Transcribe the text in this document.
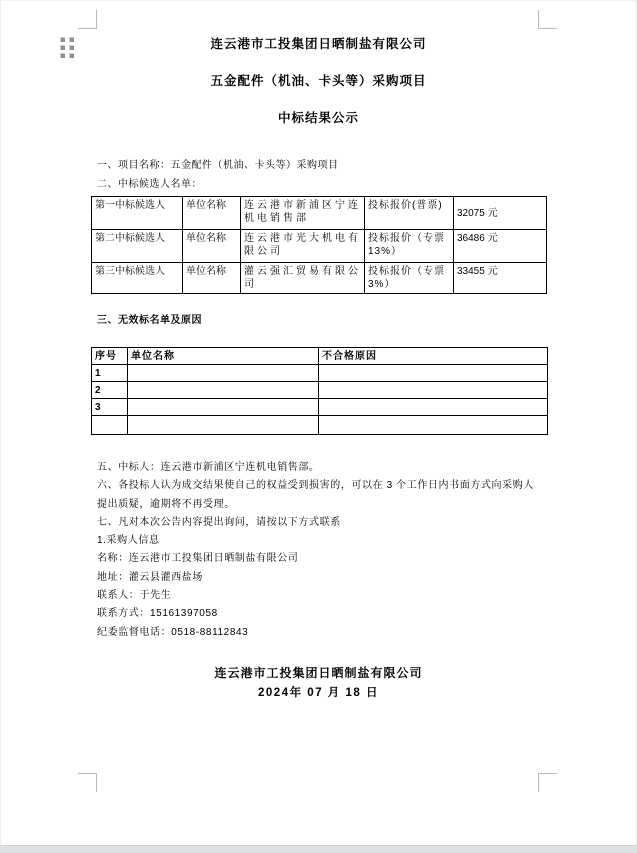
连云港市工投集团日晒制盐有限公司
五金配件（机油、卡头等）采购项目
中标结果公示
一、项目名称：五金配件（机油、卡头等）采购项目
二、中标候选人名单：
第一中标候选人	单位名称	连云港市新浦区宁连机电销售部	投标报价(普票)	32075 元
第二中标候选人	单位名称	连云港市光大机电有限公司	投标报价（专票13%）	36486 元
第三中标候选人	单位名称	灌云强汇贸易有限公司	投标报价（专票3%）	33455 元
三、无效标名单及原因
序号	单位名称	不合格原因
1		
2		
3		

五、中标人：连云港市新浦区宁连机电销售部。

六、各投标人认为成交结果使自己的权益受到损害的，可以在 3 个工作日内书面方式向采购人提出质疑，逾期将不再受理。

七、凡对本次公告内容提出询问，请按以下方式联系

1.采购人信息

名称：连云港市工投集团日晒制盐有限公司

地址：灌云县灌西盐场

联系人：于先生

联系方式：15161397058

纪委监督电话：0518-88112843

连云港市工投集团日晒制盐有限公司
2024年 07 月 18 日
